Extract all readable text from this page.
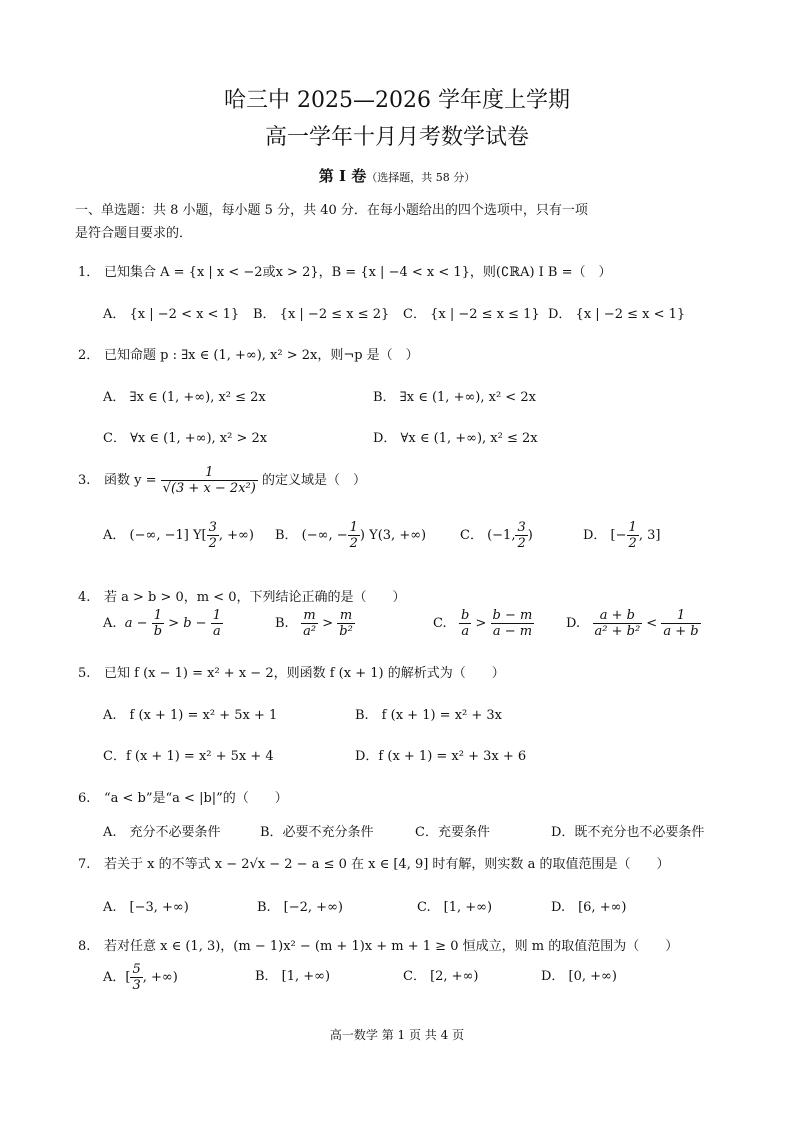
哈三中 2025—2026 学年度上学期
高一学年十月月考数学试卷
第 Ⅰ 卷（选择题，共 58 分）
一、单选题：共 8 小题，每小题 5 分，共 40 分．在每小题给出的四个选项中，只有一项
是符合题目要求的．
1． 已知集合 A = {x | x < −2或x > 2}，B = {x | −4 < x < 1}，则(∁ℝA) I B =（　）
A． {x | −2 < x < 1} B． {x | −2 ≤ x ≤ 2} C． {x | −2 ≤ x ≤ 1} D． {x | −2 ≤ x < 1}
2． 已知命题 p : ∃x ∈ (1, +∞), x² > 2x，则¬p 是（　）
A． ∃x ∈ (1, +∞), x² ≤ 2x	B． ∃x ∈ (1, +∞), x² < 2x
C． ∀x ∈ (1, +∞), x² > 2x	D． ∀x ∈ (1, +∞), x² ≤ 2x
3. 函数 $y = \frac{1}{\text{√(3 + x − 2x²)}}$ 的定义域是（　）
A． (−∞, −1] $Y[ \frac{3}{2}$ , +∞) B． (−∞, − $\frac{1}{2}$ ) Y(3, +∞)	C． (−1, $\frac{3}{2}$ )	D． [− $\frac{1}{2}$ , 3]
4. 若 a > b > 0，m < 0，下列结论正确的是（　　）
A. $a - \frac{1}{b} > b - \frac{1}{a}$	B. $\frac{m}{\text{a²}} > \frac{m}{\text{b²}}$	C. $\frac{b}{a} > \frac{b - m}{a - m} D$. $\frac{a + b}{\text{a² + b²}} < \frac{1}{a + b}$
5. 已知 f (x − 1) = x² + x − 2，则函数 f (x + 1) 的解析式为（　　）
A.　f (x + 1) = x² + 5x + 1	B.　f (x + 1) = x² + 3x
C．f (x + 1) = x² + 5x + 4	D．f (x + 1) = x² + 3x + 6
6. “a < b”是“a < |b|”的（　　）
A.　充分不必要条件	B．必要不充分条件	C．充要条件	D．既不充分也不必要条件
7. 若关于 x 的不等式 x − 2√x − 2 − a ≤ 0 在 x ∈ [4, 9] 时有解，则实数 a 的取值范围是（　　）
A.　[−3, +∞)	B.　[−2, +∞)	C.　[1, +∞)	D.　[6, +∞)
8. 若对任意 x ∈ (1, 3)，(m − 1)x² − (m + 1)x + m + 1 ≥ 0 恒成立，则 m 的取值范围为（　　）
A．[ $\frac{5}{3}$ , +∞)	B． [1, +∞)	C． [2, +∞)	D． [0, +∞)
高一数学 第 1 页 共 4 页
